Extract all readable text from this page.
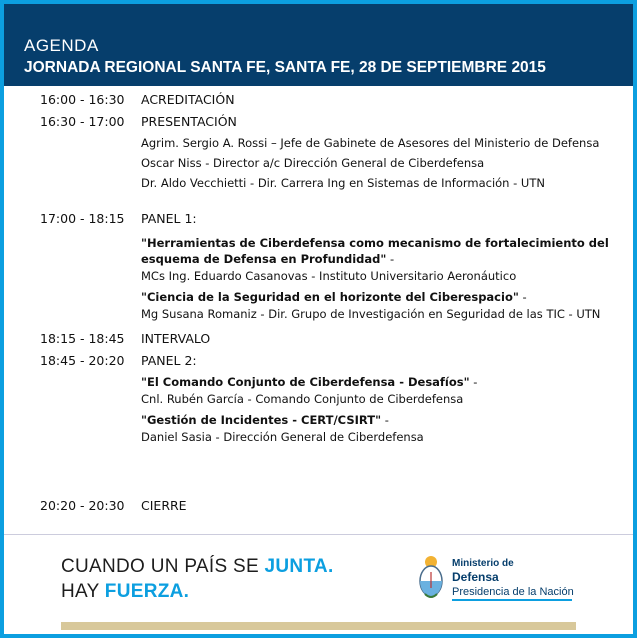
AGENDA
JORNADA REGIONAL SANTA FE, SANTA FE, 28 DE SEPTIEMBRE 2015
16:00 - 16:30 ACREDITACIÓN
16:30 - 17:00 PRESENTACIÓN
Agrim. Sergio A. Rossi – Jefe de Gabinete de Asesores del Ministerio de Defensa
Oscar Niss - Director a/c Dirección General de Ciberdefensa
Dr. Aldo Vecchietti - Dir. Carrera Ing en Sistemas de Información - UTN
17:00 - 18:15 PANEL 1:
"Herramientas de Ciberdefensa como mecanismo de fortalecimiento del
esquema de Defensa en Profundidad" -
MCs Ing. Eduardo Casanovas - Instituto Universitario Aeronáutico
"Ciencia de la Seguridad en el horizonte del Ciberespacio" -
Mg Susana Romaniz - Dir. Grupo de Investigación en Seguridad de las TIC - UTN
18:15 - 18:45 INTERVALO
18:45 - 20:20 PANEL 2:
"El Comando Conjunto de Ciberdefensa - Desafíos" -
Cnl. Rubén García - Comando Conjunto de Ciberdefensa
"Gestión de Incidentes - CERT/CSIRT" -
Daniel Sasia - Dirección General de Ciberdefensa
20:20 - 20:30 CIERRE
CUANDO UN PAÍS SE JUNTA.
HAY FUERZA.
Ministerio de
Defensa
Presidencia de la Nación
